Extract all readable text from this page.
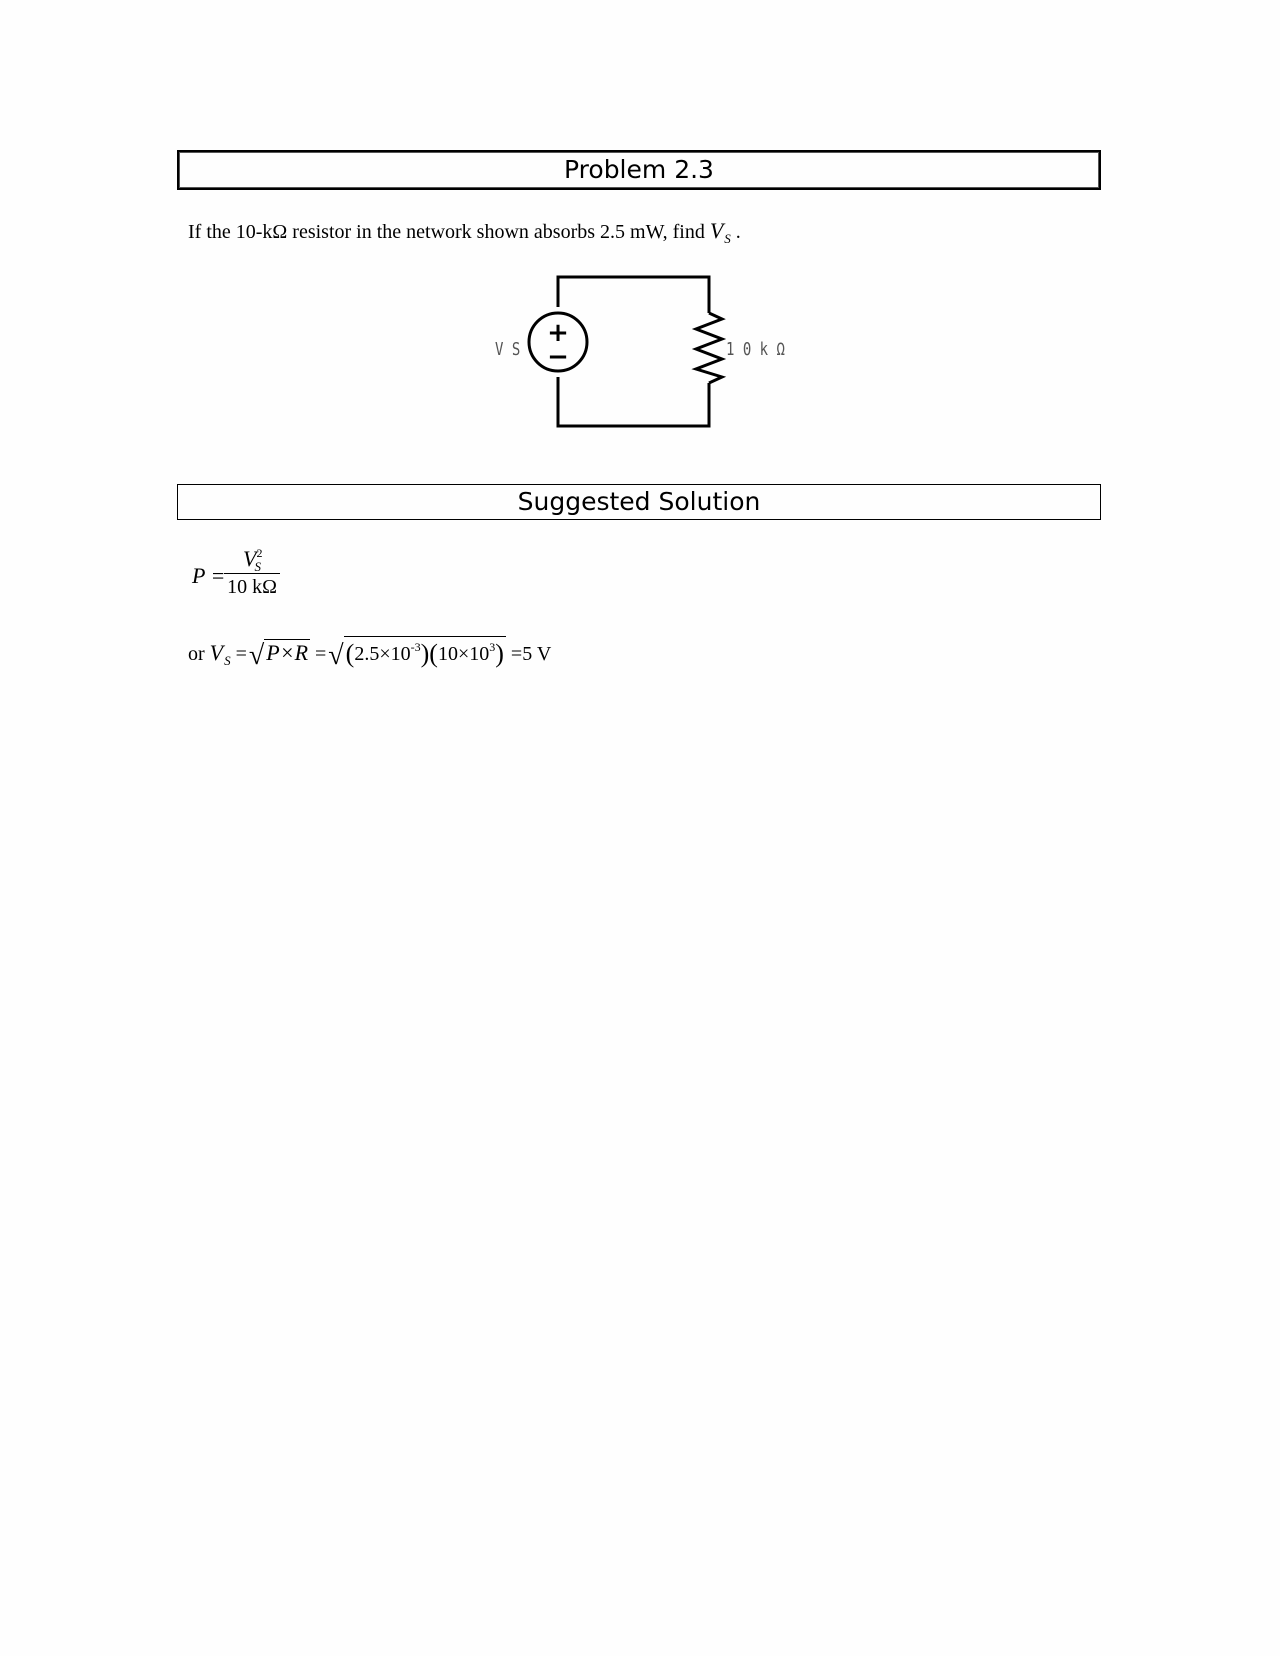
Problem 2.3
If the 10-kΩ resistor in the network shown absorbs 2.5 mW, find $V_S$ .
+
−
V S	1 0 k Ω
Suggested Solution
P =
$V^2_S$
10 kΩ
or $V_S =√P\times R =√(2.5\times 10^{-3})(10\times 10^3) =5$ V
